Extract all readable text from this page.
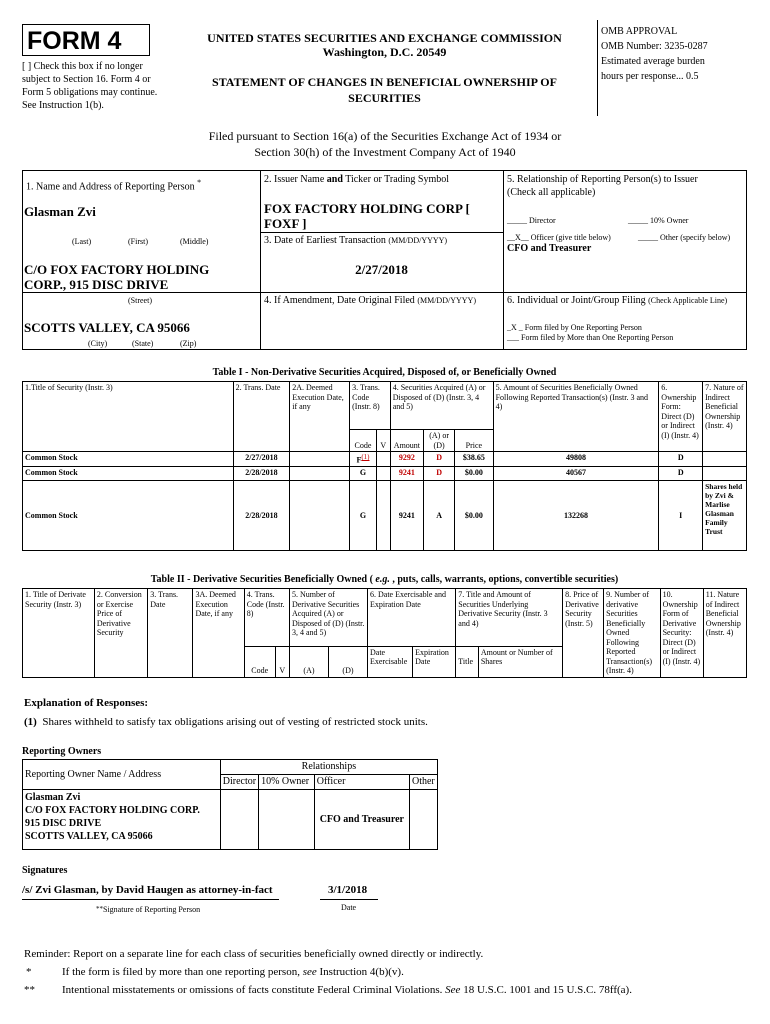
FORM 4
[ ] Check this box if no longer subject to Section 16. Form 4 or Form 5 obligations may continue. See Instruction 1(b).
UNITED STATES SECURITIES AND EXCHANGE COMMISSION
Washington, D.C. 20549
STATEMENT OF CHANGES IN BENEFICIAL OWNERSHIP OF
SECURITIES
OMB APPROVAL
OMB Number: 3235-0287
Estimated average burden
hours per response... 0.5
Filed pursuant to Section 16(a) of the Securities Exchange Act of 1934 or
Section 30(h) of the Investment Company Act of 1940
1. Name and Address of Reporting Person *
Glasman Zvi
(Last)	(First)	(Middle)
C/O FOX FACTORY HOLDING
CORP., 915 DISC DRIVE
(Street)
SCOTTS VALLEY, CA 95066
(City)	(State)	(Zip)
2. Issuer Name and Ticker or Trading Symbol
FOX FACTORY HOLDING CORP [
FOXF ]
3. Date of Earliest Transaction (MM/DD/YYYY)
2/27/2018
4. If Amendment, Date Original Filed (MM/DD/YYYY)
5. Relationship of Reporting Person(s) to Issuer
(Check all applicable)
_____ Director	_____ 10% Owner
__X__ Officer (give title below)	_____ Other (specify below)
CFO and Treasurer
6. Individual or Joint/Group Filing (Check Applicable Line)
_X _ Form filed by One Reporting Person
___ Form filed by More than One Reporting Person
Table I - Non-Derivative Securities Acquired, Disposed of, or Beneficially Owned
1.Title of Security (Instr. 3)	2. Trans. Date	2A. Deemed Execution Date, if any	3. Trans. Code (Instr. 8)		4. Securities Acquired (A) or Disposed of (D) (Instr. 3, 4 and 5)			5. Amount of Securities Beneficially Owned Following Reported Transaction(s) (Instr. 3 and 4)	6. Ownership Form: Direct (D) or Indirect (I) (Instr. 4)	7. Nature of Indirect Beneficial Ownership (Instr. 4)
			Code	V	Amount	(A) or (D)	Price			
Common Stock	2/27/2018		$F^{(1)}$		9292	D	$38.65	49808	D	
Common Stock	2/28/2018		G		9241	D	$0.00	40567	D	
Common Stock	2/28/2018		G		9241	A	$0.00	132268	I	Shares held by Zvi & Marlise Glasman Family Trust
Table II - Derivative Securities Beneficially Owned ( e.g. , puts, calls, warrants, options, convertible securities)
1. Title of Derivate Security (Instr. 3)	2. Conversion or Exercise Price of Derivative Security	3. Trans. Date	3A. Deemed Execution Date, if any	4. Trans. Code (Instr. 8)		5. Number of Derivative Securities Acquired (A) or Disposed of (D) (Instr. 3, 4 and 5)		6. Date Exercisable and Expiration Date		7. Title and Amount of Securities Underlying Derivative Security (Instr. 3 and 4)		8. Price of Derivative Security (Instr. 5)	9. Number of derivative Securities Beneficially Owned Following Reported Transaction(s) (Instr. 4)	10. Ownership Form of Derivative Security: Direct (D) or Indirect (I) (Instr. 4)	11. Nature of Indirect Beneficial Ownership (Instr. 4)
				Code	V	(A)	(D)	Date Exercisable	Expiration Date	Title	Amount or Number of Shares				
Explanation of Responses:
(1) Shares withheld to satisfy tax obligations arising out of vesting of restricted stock units.
Reporting Owners
Reporting Owner Name / Address	Relationships			
	Director	10% Owner	Officer	Other

Glasman Zvi
C/O FOX FACTORY HOLDING CORP.
915 DISC DRIVE
SCOTTS VALLEY, CA 95066			CFO and Treasurer	
Signatures
/s/ Zvi Glasman, by David Haugen as attorney-in-fact	3/1/2018
**Signature of Reporting Person	Date
Reminder: Report on a separate line for each class of securities beneficially owned directly or indirectly.
*	If the form is filed by more than one reporting person, see Instruction 4(b)(v).
** Intentional misstatements or omissions of facts constitute Federal Criminal Violations. See 18 U.S.C. 1001 and 15 U.S.C. 78ff(a).
